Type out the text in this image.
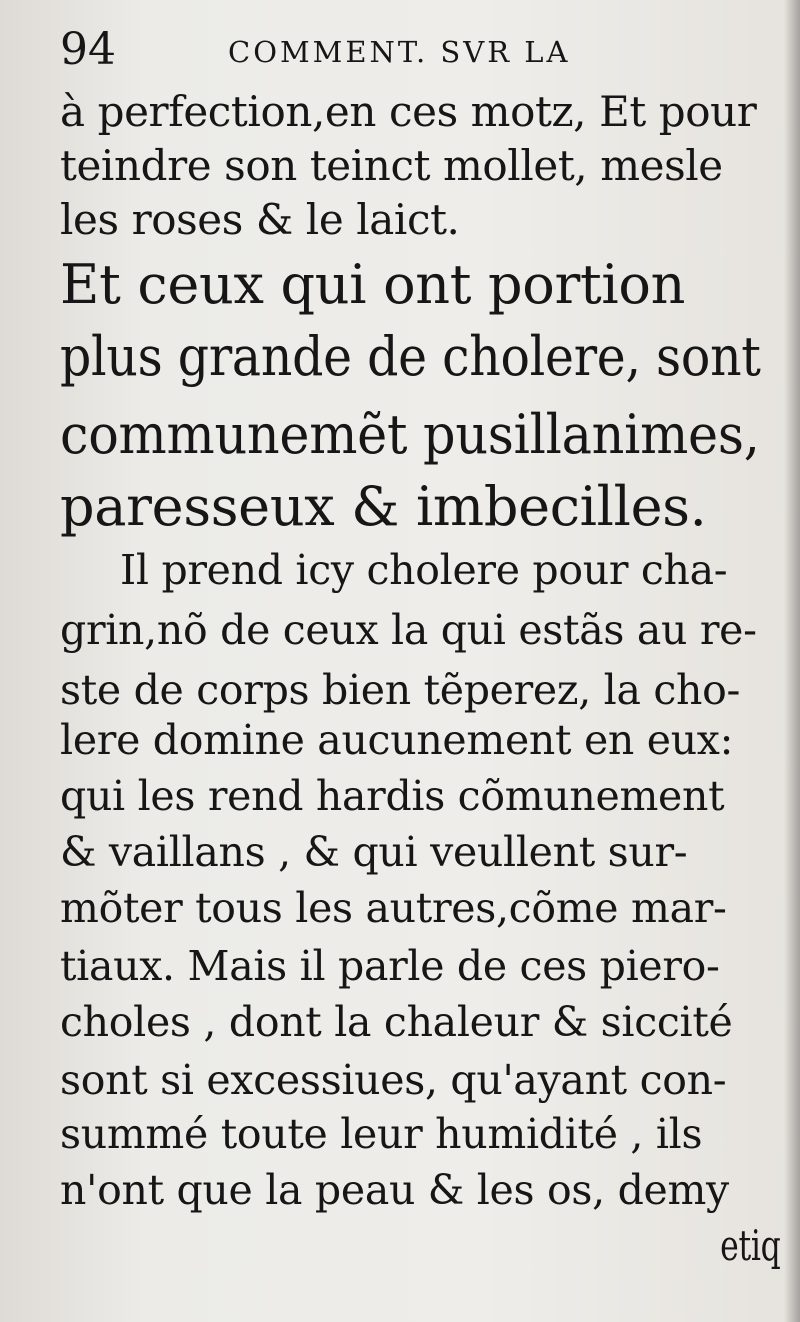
94	COMMENT. SVR LA
à perfection,en ces motz, Et pour
teindre son teinct mollet, mesle
les roses & le laict.
Et ceux qui ont portion
plus grande de cholere, sont
communemẽt pusillanimes,
paresseux & imbecilles.
Il prend icy cholere pour cha-
grin,nõ de ceux la qui estãs au re-
ste de corps bien tẽperez, la cho-
lere domine aucunement en eux:
qui les rend hardis cõmunement
& vaillans , & qui veullent sur-
mõter tous les autres,cõme mar-
tiaux. Mais il parle de ces piero-
choles , dont la chaleur & siccité
sont si excessiues, qu'ayant con-
summé toute leur humidité , ils
n'ont que la peau & les os, demy
etiq
